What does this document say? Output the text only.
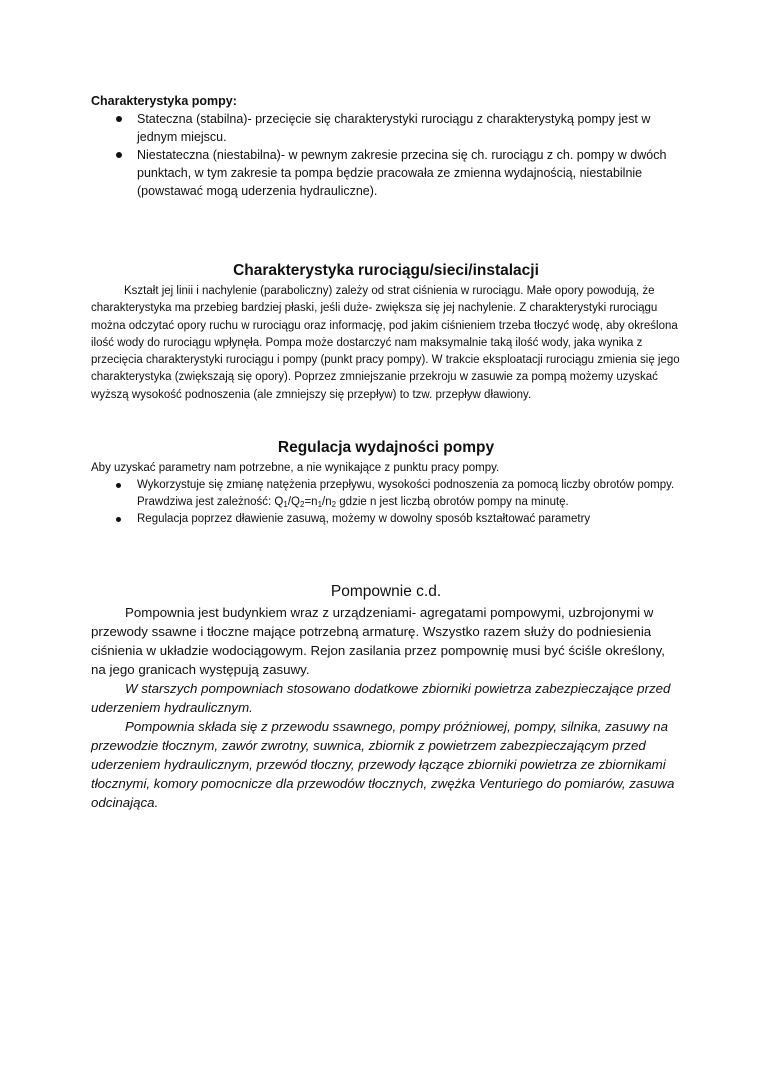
Charakterystyka pompy:
Stateczna (stabilna)- przecięcie się charakterystyki rurociągu z charakterystyką pompy jest w jednym miejscu.
Niestateczna (niestabilna)- w pewnym zakresie przecina się ch. rurociągu z ch. pompy w dwóch punktach, w tym zakresie ta pompa będzie pracowała ze zmienna wydajnością, niestabilnie (powstawać mogą uderzenia hydrauliczne).
Charakterystyka rurociągu/sieci/instalacji

Kształt jej linii i nachylenie (paraboliczny) zależy od strat ciśnienia w rurociągu. Małe opory powodują, że charakterystyka ma przebieg bardziej płaski, jeśli duże- zwiększa się jej nachylenie. Z charakterystyki rurociągu można odczytać opory ruchu w rurociągu oraz informację, pod jakim ciśnieniem trzeba tłoczyć wodę, aby określona ilość wody do rurociągu wpłynęła. Pompa może dostarczyć nam maksymalnie taką ilość wody, jaka wynika z przecięcia charakterystyki rurociągu i pompy (punkt pracy pompy). W trakcie eksploatacji rurociągu zmienia się jego charakterystyka (zwiększają się opory). Poprzez zmniejszanie przekroju w zasuwie za pompą możemy uzyskać wyższą wysokość podnoszenia (ale zmniejszy się przepływ) to tzw. przepływ dławiony.

Regulacja wydajności pompy

Aby uzyskać parametry nam potrzebne, a nie wynikające z punktu pracy pompy.

Wykorzystuje się zmianę natężenia przepływu, wysokości podnoszenia za pomocą liczby obrotów pompy. Prawdziwa jest zależność: $Q_1/Q_2=n_1/n_2$ gdzie n jest liczbą obrotów pompy na minutę.
Regulacja poprzez dławienie zasuwą, możemy w dowolny sposób kształtować parametry
Pompownie c.d.

Pompownia jest budynkiem wraz z urządzeniami- agregatami pompowymi, uzbrojonymi w przewody ssawne i tłoczne mające potrzebną armaturę. Wszystko razem służy do podniesienia ciśnienia w układzie wodociągowym. Rejon zasilania przez pompownię musi być ściśle określony, na jego granicach występują zasuwy.

W starszych pompowniach stosowano dodatkowe zbiorniki powietrza zabezpieczające przed uderzeniem hydraulicznym.

Pompownia składa się z przewodu ssawnego, pompy próżniowej, pompy, silnika, zasuwy na przewodzie tłocznym, zawór zwrotny, suwnica, zbiornik z powietrzem zabezpieczającym przed uderzeniem hydraulicznym, przewód tłoczny, przewody łączące zbiorniki powietrza ze zbiornikami tłocznymi, komory pomocnicze dla przewodów tłocznych, zwężka Venturiego do pomiarów, zasuwa odcinająca.
